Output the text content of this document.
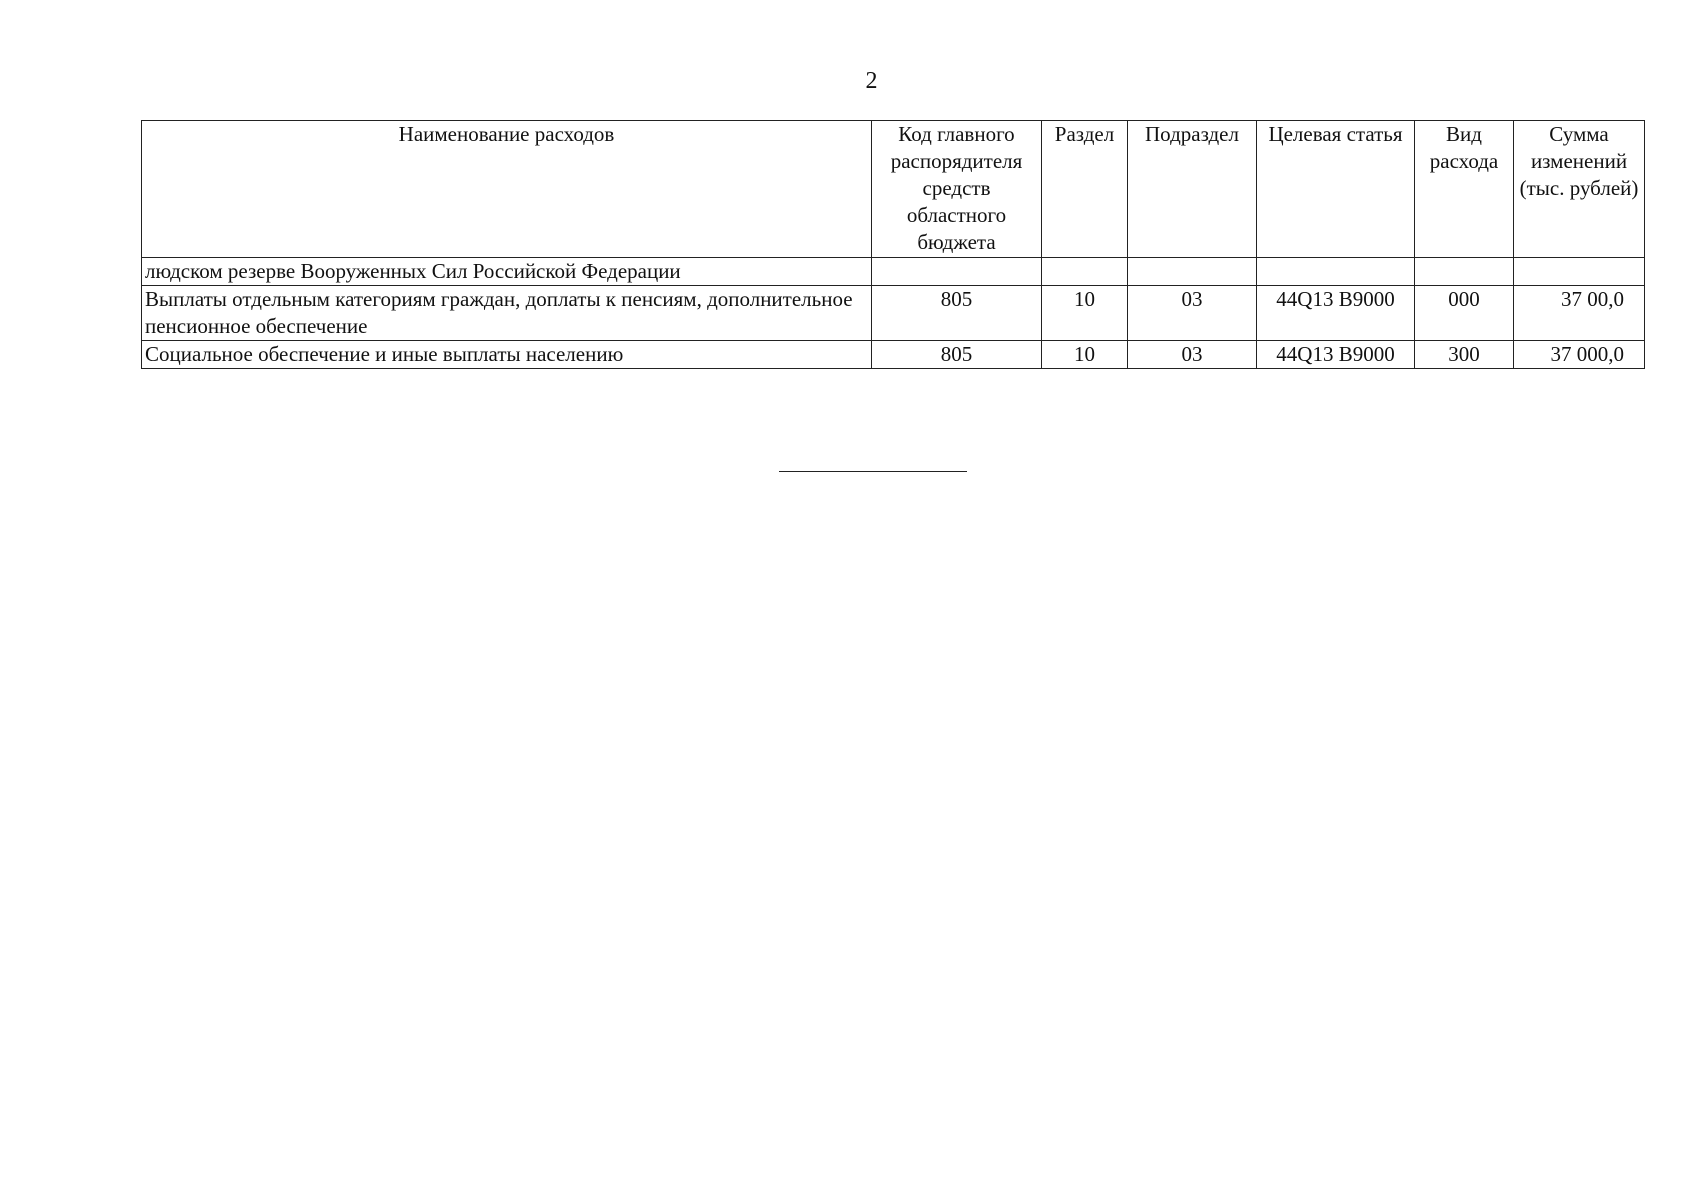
2
Наименование расходов	Код главного распорядителя средств областного бюджета	Раздел	Подраздел	Целевая статья	Вид расхода	Сумма изменений (тыс. рублей)
людском резерве Вооруженных Сил Российской Федерации						
Выплаты отдельным категориям граждан, доплаты к пенсиям, дополнительное пенсионное обеспечение	805	10	03	44Q13 B9000	000	37 00,0
Социальное обеспечение и иные выплаты населению	805	10	03	44Q13 B9000	300	37 000,0
